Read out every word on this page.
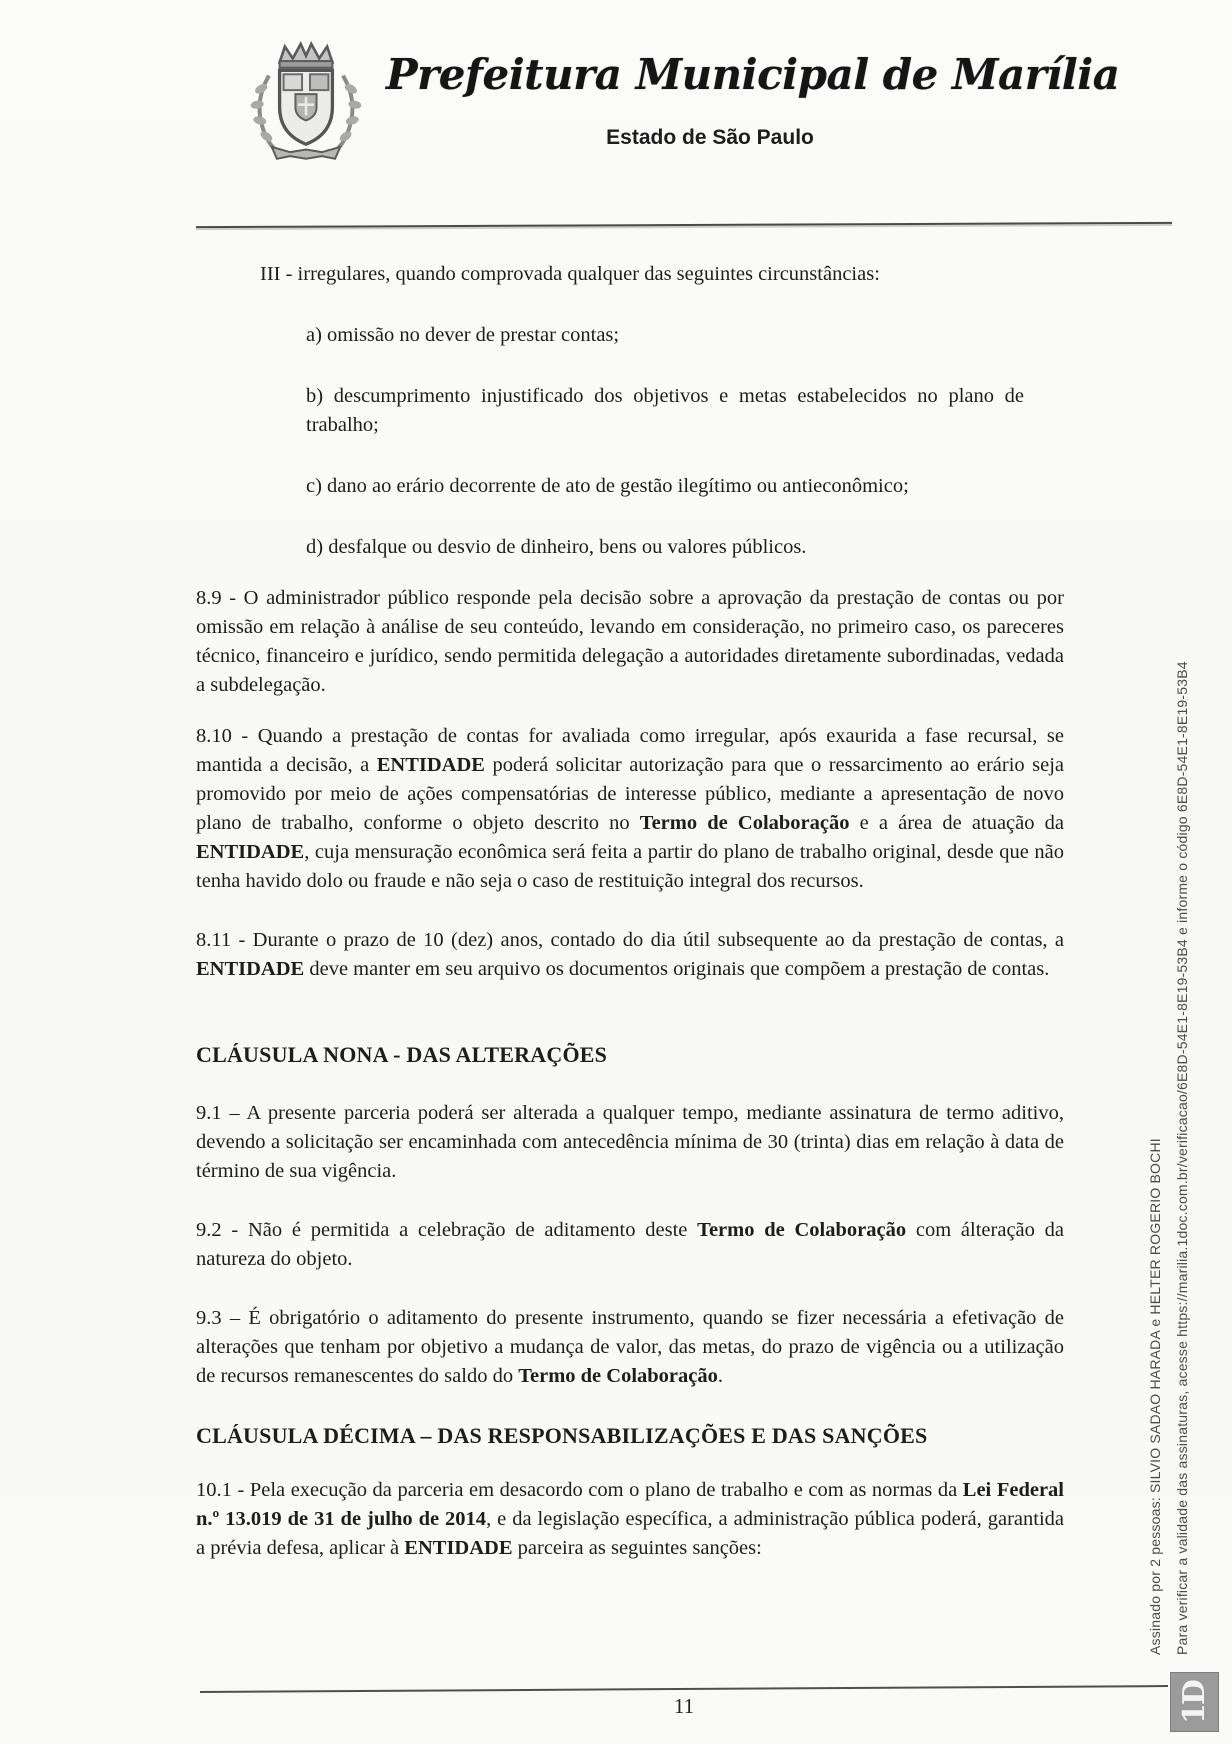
Prefeitura Municipal de Marília
Estado de São Paulo
III - irregulares, quando comprovada qualquer das seguintes circunstâncias:
a) omissão no dever de prestar contas;
b) descumprimento injustificado dos objetivos e metas estabelecidos no plano de trabalho;
c) dano ao erário decorrente de ato de gestão ilegítimo ou antieconômico;
d) desfalque ou desvio de dinheiro, bens ou valores públicos.
8.9 - O administrador público responde pela decisão sobre a aprovação da prestação de contas ou por omissão em relação à análise de seu conteúdo, levando em consideração, no primeiro caso, os pareceres técnico, financeiro e jurídico, sendo permitida delegação a autoridades diretamente subordinadas, vedada a subdelegação.
8.10 - Quando a prestação de contas for avaliada como irregular, após exaurida a fase recursal, se mantida a decisão, a ENTIDADE poderá solicitar autorização para que o ressarcimento ao erário seja promovido por meio de ações compensatórias de interesse público, mediante a apresentação de novo plano de trabalho, conforme o objeto descrito no Termo de Colaboração e a área de atuação da ENTIDADE, cuja mensuração econômica será feita a partir do plano de trabalho original, desde que não tenha havido dolo ou fraude e não seja o caso de restituição integral dos recursos.
8.11 - Durante o prazo de 10 (dez) anos, contado do dia útil subsequente ao da prestação de contas, a ENTIDADE deve manter em seu arquivo os documentos originais que compõem a prestação de contas.
CLÁUSULA NONA - DAS ALTERAÇÕES
9.1 – A presente parceria poderá ser alterada a qualquer tempo, mediante assinatura de termo aditivo, devendo a solicitação ser encaminhada com antecedência mínima de 30 (trinta) dias em relação à data de término de sua vigência.
9.2 - Não é permitida a celebração de aditamento deste Termo de Colaboração com álteração da natureza do objeto.
9.3 – É obrigatório o aditamento do presente instrumento, quando se fizer necessária a efetivação de alterações que tenham por objetivo a mudança de valor, das metas, do prazo de vigência ou a utilização de recursos remanescentes do saldo do Termo de Colaboração.
CLÁUSULA DÉCIMA – DAS RESPONSABILIZAÇÕES E DAS SANÇÕES
10.1 - Pela execução da parceria em desacordo com o plano de trabalho e com as normas da Lei Federal n.º 13.019 de 31 de julho de 2014, e da legislação específica, a administração pública poderá, garantida a prévia defesa, aplicar à ENTIDADE parceira as seguintes sanções:	Assinado por 2 pessoas: SILVIO SADAO HARADA e HELTER ROGERIO BOCHI Para verificar a validade das assinaturas, acesse https://marilia.1doc.com.br/verificacao/6E8D-54E1-8E19-53B4 e informe o código 6E8D-54E1-8E19-53B4
1D
11
